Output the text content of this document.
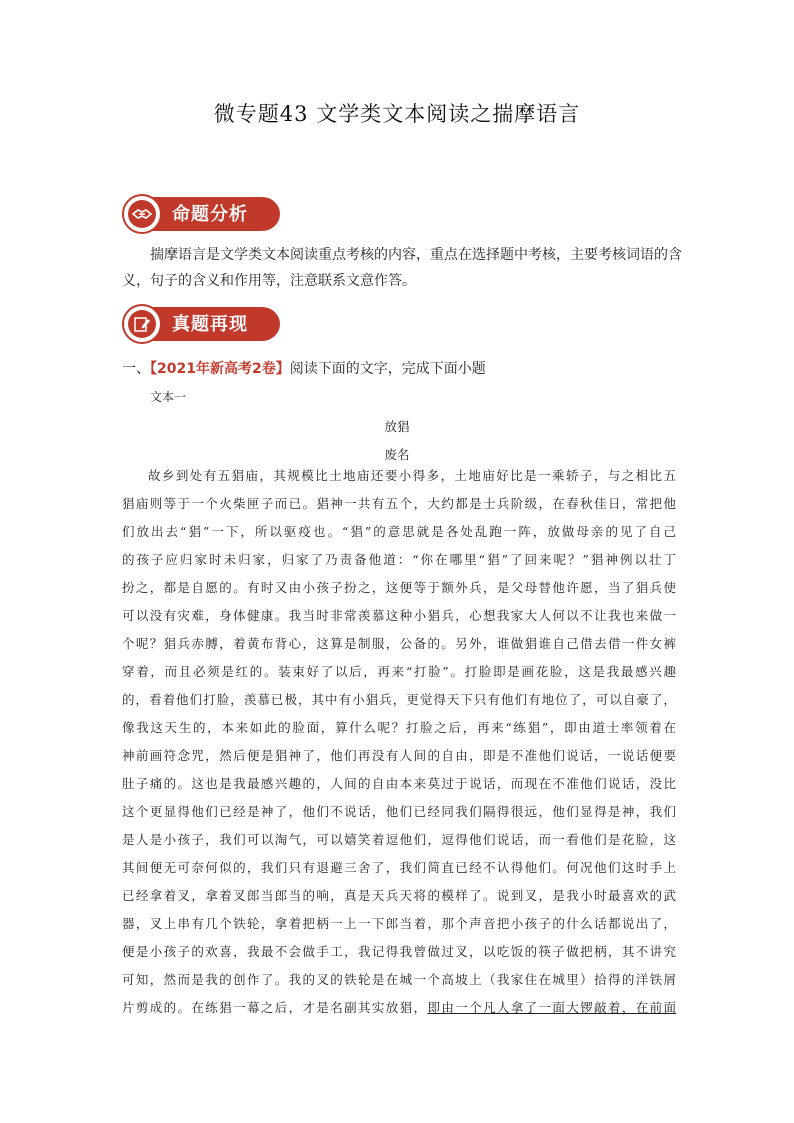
微专题43 文学类文本阅读之揣摩语言
命题分析
揣摩语言是文学类文本阅读重点考核的内容，重点在选择题中考核，主要考核词语的含义，句子的含义和作用等，注意联系文意作答。
真题再现
一、【2021年新高考2卷】阅读下面的文字，完成下面小题
文本一
放猖
废名
故乡到处有五猖庙，其规模比土地庙还要小得多，土地庙好比是一乘轿子，与之相比五
猖庙则等于一个火柴匣子而已。猖神一共有五个，大约都是士兵阶级，在春秋佳日，常把他
们放出去“猖”一下，所以驱疫也。“猖”的意思就是各处乱跑一阵，放做母亲的见了自己
的孩子应归家时未归家，归家了乃责备他道：“你在哪里“猖”了回来呢？”猖神例以壮丁
扮之，都是自愿的。有时又由小孩子扮之，这便等于额外兵，是父母替他许愿，当了猖兵使
可以没有灾难，身体健康。我当时非常羡慕这种小猖兵，心想我家大人何以不让我也来做一
个呢？猖兵赤膊，着黄布背心，这算是制服，公备的。另外，谁做猖谁自己借去借一件女裤
穿着，而且必须是红的。装束好了以后，再来“打脸”。打脸即是画花脸，这是我最感兴趣
的，看着他们打脸，羡慕已极，其中有小猖兵，更觉得天下只有他们有地位了，可以自豪了，
像我这天生的，本来如此的脸面，算什么呢？打脸之后，再来“练猖”，即由道士率领着在
神前画符念咒，然后便是猖神了，他们再没有人间的自由，即是不准他们说话，一说话便要
肚子痛的。这也是我最感兴趣的，人间的自由本来莫过于说话，而现在不准他们说话，没比
这个更显得他们已经是神了，他们不说话，他们已经同我们隔得很远，他们显得是神，我们
是人是小孩子，我们可以淘气，可以嬉笑着逗他们，逗得他们说话，而一看他们是花脸，这
其间便无可奈何似的，我们只有退避三舍了，我们简直已经不认得他们。何况他们这时手上
已经拿着叉，拿着叉郎当郎当的响，真是天兵天将的模样了。说到叉，是我小时最喜欢的武
器，叉上串有几个铁轮，拿着把柄一上一下郎当着，那个声音把小孩子的什么话都说出了，
便是小孩子的欢喜，我最不会做手工，我记得我曾做过叉，以吃饭的筷子做把柄，其不讲究
可知，然而是我的创作了。我的叉的铁轮是在城一个高坡上（我家住在城里）拾得的洋铁屑
片剪成的。在练猖一幕之后，才是名副其实放猖，即由一个凡人拿了一面大锣敲着，在前面
